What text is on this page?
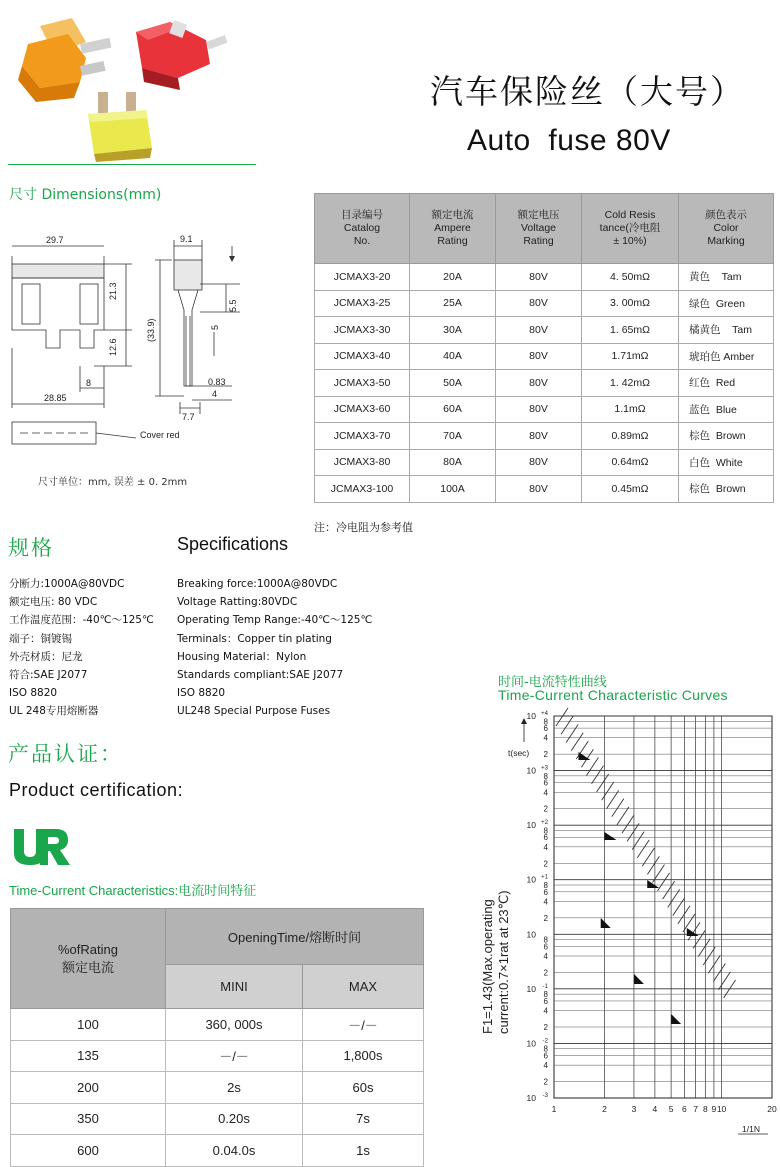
汽车保险丝（大号）
Auto  fuse 80V
尺寸 Dimensions(mm)
29.7
21.3
12.6
8
28.85
Cover red
9.1
(33.9)
5.5
5
0.83
4
7.7
尺寸单位：mm, 误差 ± 0. 2mm
目录编号
Catalog
No.	额定电流
Ampere
Rating	额定电压
Voltage
Rating	Cold Resis
tance(冷电阻
± 10%)	颜色表示
Color
Marking
JCMAX3-20	20A	80V	4. 50mΩ	黄色    Tam
JCMAX3-25	25A	80V	3. 00mΩ	绿色  Green
JCMAX3-30	30A	80V	1. 65mΩ	橘黄色    Tam
JCMAX3-40	40A	80V	1.71mΩ	琥珀色 Amber
JCMAX3-50	50A	80V	1. 42mΩ	红色  Red
JCMAX3-60	60A	80V	1.1mΩ	蓝色  Blue
JCMAX3-70	70A	80V	0.89mΩ	棕色  Brown
JCMAX3-80	80A	80V	0.64mΩ	白色  White
JCMAX3-100	100A	80V	0.45mΩ	棕色  Brown
注：冷电阻为参考值
规格	Specifications
分断力:1000A@80VDC
额定电压: 80 VDC
工作温度范围：-40℃～125℃
端子：铜镀锡
外壳材质：尼龙
符合:SAE J2077
ISO 8820
UL 248专用熔断器
Breaking force:1000A@80VDC
Voltage Ratting:80VDC
Operating Temp Range:-40℃～125℃
Terminals：Copper tin plating
Housing Material：Nylon
Standards compliant:SAE J2077
ISO 8820
UL248 Special Purpose Fuses
产品认证：
Product certification:
Time-Current Characteristics:电流时间特征
%ofRating
额定电流	OpeningTime/熔断时间	
	MINI	MAX
100	360, 000s	－/－
135	－/－	1,800s
200	2s	60s
350	0.20s	7s
600	0.04.0s	1s
时间-电流特性曲线
Time-Current Characteristic Curves
10 +4
8
6
4
2
10 +3
8
6
4
2
10 +2
8
6
4
2
10 +1
8
6
4
2
10
8
6
4
2
10 -1
8
6
4
2
10 -2
8
6
4
2
10 -3
1	2	3 4 5 6 7 8 9 10	20
t(sec)
1/1N
F1=1.43(Max.operating current:0.7×1rat at 23℃)
